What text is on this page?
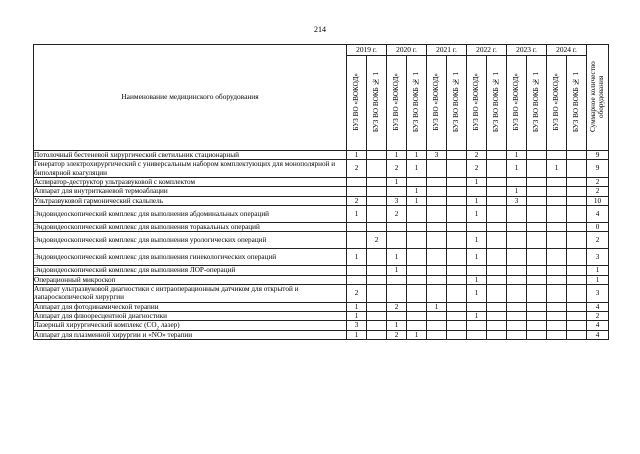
214
Наименование медицинского оборудования	2019 г.		2020 г.		2021 г.		2022 г.		2023 г.		2024 г.		Суммарное количество оборудования
	БУЗ ВО «ВОКОД»	БУЗ ВО ВОКБ № 1	БУЗ ВО «ВОКОД»	БУЗ ВО ВОКБ № 1	БУЗ ВО «ВОКОД»	БУЗ ВО ВОКБ № 1	БУЗ ВО «ВОКОД»	БУЗ ВО ВОКБ № 1	БУЗ ВО «ВОКОД»	БУЗ ВО ВОКБ № 1	БУЗ ВО «ВОКОД»	БУЗ ВО ВОКБ № 1	
Потолочный бестеневой хирургический светильник стационарный	1		1	1	3		2		1				9
Генератор электрохирургический с универсальным набором комплектующих для монополярной и биполярной коагуляции	2		2	1			2		1		1		9
Аспиратор-деструктор ультразвуковой с комплектом			1				1						2
Аппарат для внутритканевой термоаблации				1					1				2
Ультразвуковой гармонический скальпель	2		3	1			1		3				10
Эндовидеоскопический комплекс для выполнения абдоминальных операций	1		2				1						4
Эндовидеоскопический комплекс для выполнения торакальных операций													0
Эндовидеоскопический комплекс для выполнения урологических операций		2					1						2
Эндовидеоскопический комплекс для выполнения гинекологических операций	1		1				1						3
Эндовидеоскопический комплекс для выполнения ЛОР-операций			1										1
Операционный микроскоп							1						1
Аппарат ультразвуковой диагностики с интраоперационным датчиком для открытой и лапароскопической хирургии	2						1						3
Аппарат для фотодинамической терапии	1		2		1								4
Аппарат для флюоресцентной диагностики	1						1						2
Лазерный хирургический комплекс ($CO_2$ лазер)	3		1										4
Аппарат для плазменной хирургии и «NO» терапии	1		2	1									4
